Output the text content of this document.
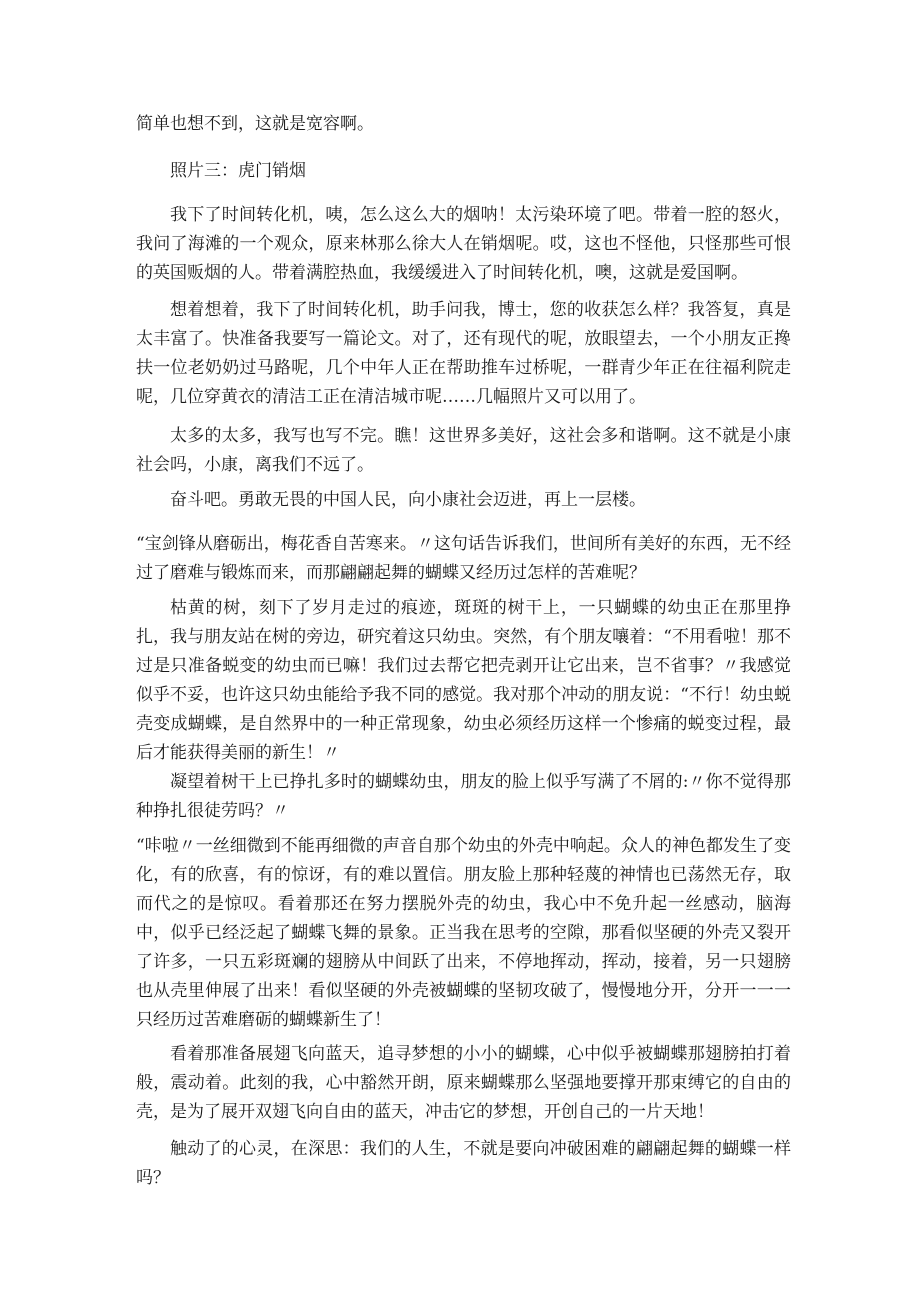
简单也想不到，这就是宽容啊。

照片三：虎门销烟

我下了时间转化机，咦，怎么这么大的烟呐！太污染环境了吧。带着一腔的怒火，我问了海滩的一个观众，原来林那么徐大人在销烟呢。哎，这也不怪他，只怪那些可恨的英国贩烟的人。带着满腔热血，我缓缓进入了时间转化机，噢，这就是爱国啊。

想着想着，我下了时间转化机，助手问我，博士，您的收获怎么样？我答复，真是太丰富了。快准备我要写一篇论文。对了，还有现代的呢，放眼望去，一个小朋友正搀扶一位老奶奶过马路呢，几个中年人正在帮助推车过桥呢，一群青少年正在往福利院走呢，几位穿黄衣的清洁工正在清洁城市呢……几幅照片又可以用了。

太多的太多，我写也写不完。瞧！这世界多美好，这社会多和谐啊。这不就是小康社会吗，小康，离我们不远了。

奋斗吧。勇敢无畏的中国人民，向小康社会迈进，再上一层楼。

“宝剑锋从磨砺出，梅花香自苦寒来。〃这句话告诉我们，世间所有美好的东西，无不经过了磨难与锻炼而来，而那翩翩起舞的蝴蝶又经历过怎样的苦难呢？

枯黄的树，刻下了岁月走过的痕迹，斑斑的树干上，一只蝴蝶的幼虫正在那里挣扎，我与朋友站在树的旁边，研究着这只幼虫。突然，有个朋友嚷着：“不用看啦！那不过是只准备蜕变的幼虫而已嘛！我们过去帮它把壳剥开让它出来，岂不省事？〃我感觉似乎不妥，也许这只幼虫能给予我不同的感觉。我对那个冲动的朋友说：“不行！幼虫蜕壳变成蝴蝶，是自然界中的一种正常现象，幼虫必须经历这样一个惨痛的蜕变过程，最后才能获得美丽的新生！〃

凝望着树干上已挣扎多时的蝴蝶幼虫，朋友的脸上似乎写满了不屑的:〃你不觉得那种挣扎很徒劳吗？〃

“咔啦〃一丝细微到不能再细微的声音自那个幼虫的外壳中响起。众人的神色都发生了变化，有的欣喜，有的惊讶，有的难以置信。朋友脸上那种轻蔑的神情也已荡然无存，取而代之的是惊叹。看着那还在努力摆脱外壳的幼虫，我心中不免升起一丝感动，脑海中，似乎已经泛起了蝴蝶飞舞的景象。正当我在思考的空隙，那看似坚硬的外壳又裂开了许多，一只五彩斑斓的翅膀从中间跃了出来，不停地挥动，挥动，接着，另一只翅膀也从壳里伸展了出来！看似坚硬的外壳被蝴蝶的坚韧攻破了，慢慢地分开，分开一一一只经历过苦难磨砺的蝴蝶新生了！

看着那准备展翅飞向蓝天，追寻梦想的小小的蝴蝶，心中似乎被蝴蝶那翅膀拍打着般，震动着。此刻的我，心中豁然开朗，原来蝴蝶那么坚强地要撑开那束缚它的自由的壳，是为了展开双翅飞向自由的蓝天，冲击它的梦想，开创自己的一片天地！

触动了的心灵，在深思：我们的人生，不就是要向冲破困难的翩翩起舞的蝴蝶一样吗？
